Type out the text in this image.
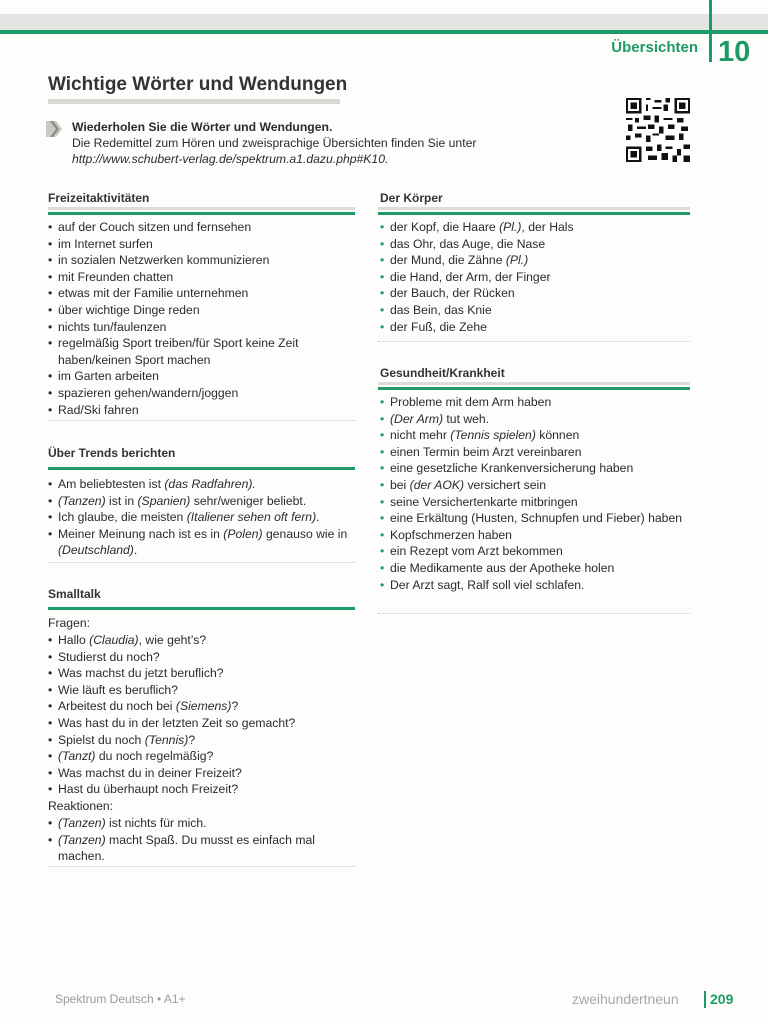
Übersichten 10
Wichtige Wörter und Wendungen
Wiederholen Sie die Wörter und Wendungen.
Die Redemittel zum Hören und zweisprachige Übersichten finden Sie unter
http://www.schubert-verlag.de/spektrum.a1.dazu.php#K10.
Freizeitaktivitäten
• auf der Couch sitzen und fernsehen
• im Internet surfen
• in sozialen Netzwerken kommunizieren
• mit Freunden chatten
• etwas mit der Familie unternehmen
• über wichtige Dinge reden
• nichts tun/faulenzen
• regelmäßig Sport treiben/für Sport keine Zeit haben/keinen Sport machen
• im Garten arbeiten
• spazieren gehen/wandern/joggen
• Rad/Ski fahren
Über Trends berichten
• Am beliebtesten ist (das Radfahren).
• (Tanzen) ist in (Spanien) sehr/weniger beliebt.
• Ich glaube, die meisten (Italiener sehen oft fern).
• Meiner Meinung nach ist es in (Polen) genauso wie in (Deutschland).
Smalltalk
Fragen:
• Hallo (Claudia), wie geht’s?
• Studierst du noch?
• Was machst du jetzt beruflich?
• Wie läuft es beruflich?
• Arbeitest du noch bei (Siemens)?
• Was hast du in der letzten Zeit so gemacht?
• Spielst du noch (Tennis)?
• (Tanzt) du noch regelmäßig?
• Was machst du in deiner Freizeit?
• Hast du überhaupt noch Freizeit?
Reaktionen:
• (Tanzen) ist nichts für mich.
• (Tanzen) macht Spaß. Du musst es einfach mal machen.
Der Körper
• der Kopf, die Haare (Pl.), der Hals
• das Ohr, das Auge, die Nase
• der Mund, die Zähne (Pl.)
• die Hand, der Arm, der Finger
• der Bauch, der Rücken
• das Bein, das Knie
• der Fuß, die Zehe
Gesundheit/Krankheit
• Probleme mit dem Arm haben
• (Der Arm) tut weh.
• nicht mehr (Tennis spielen) können
• einen Termin beim Arzt vereinbaren
• eine gesetzliche Krankenversicherung haben
• bei (der AOK) versichert sein
• seine Versichertenkarte mitbringen
• eine Erkältung (Husten, Schnupfen und Fieber) haben
• Kopfschmerzen haben
• ein Rezept vom Arzt bekommen
• die Medikamente aus der Apotheke holen
• Der Arzt sagt, Ralf soll viel schlafen.
Spektrum Deutsch • A1+	zweihundertneun 209
